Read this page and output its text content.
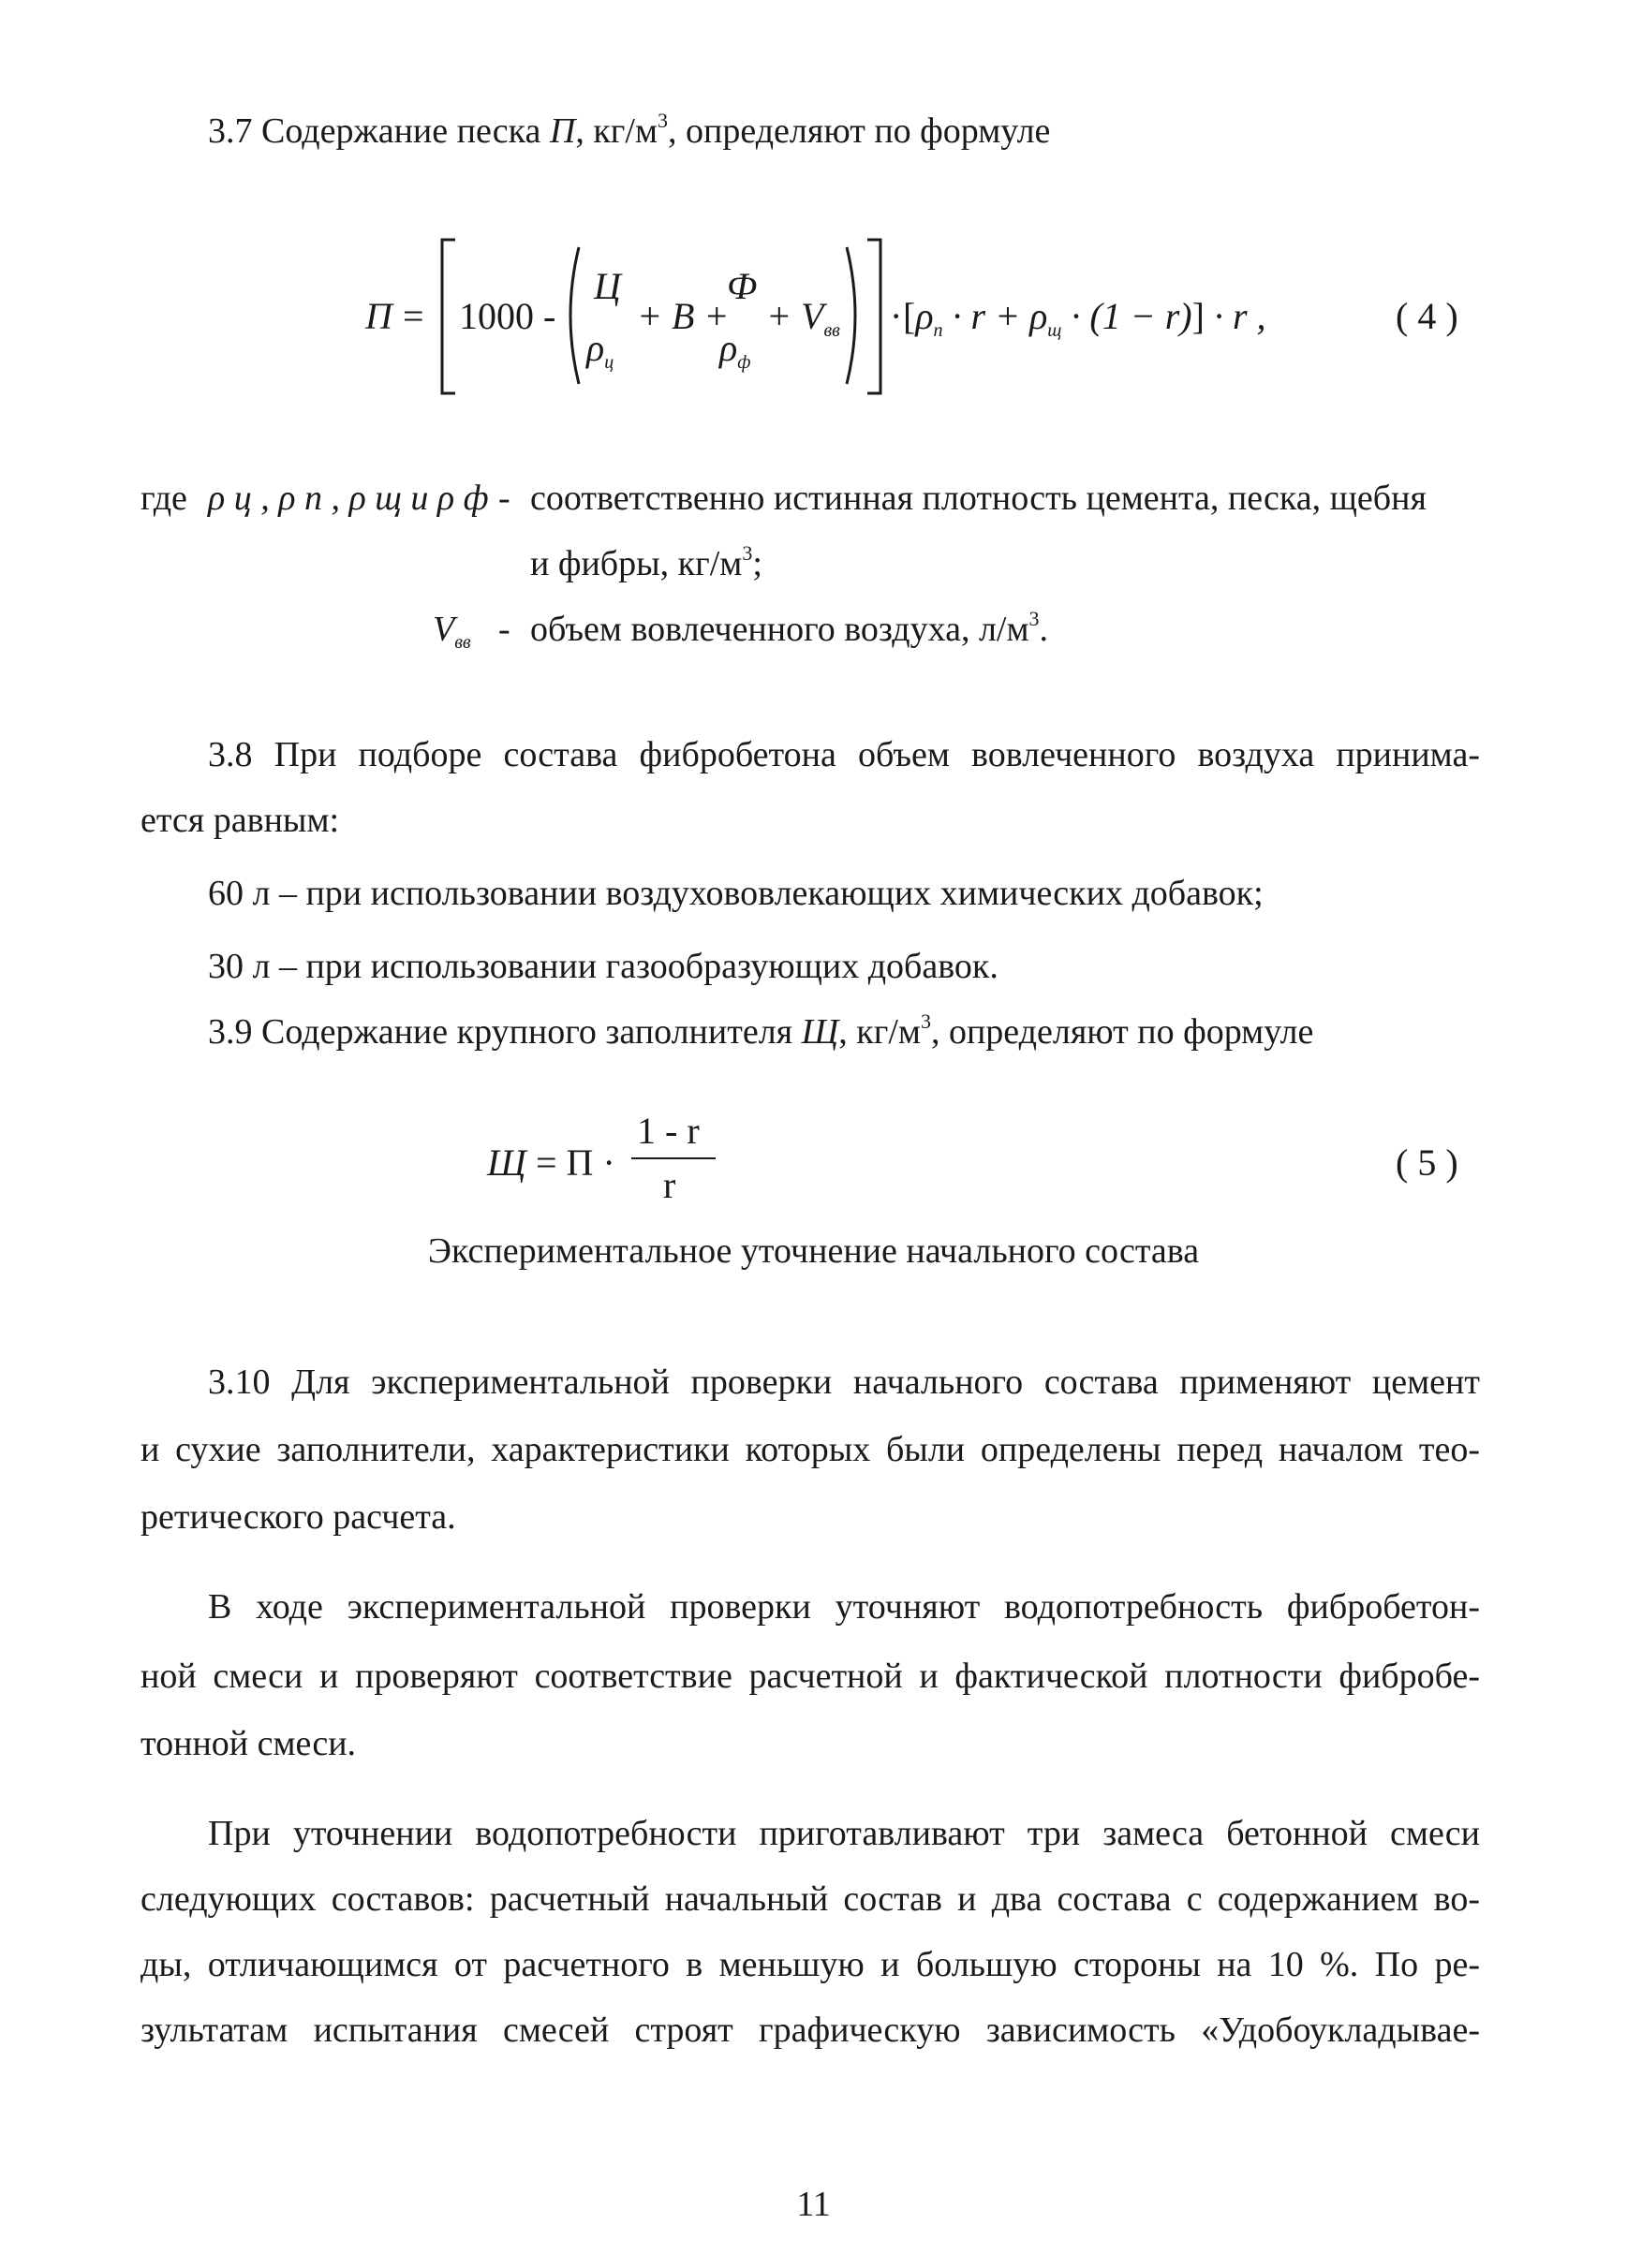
3.7 Содержание песка П, $кг/м^3$, определяют по формуле
П = 1000 -
Ц
$\rho_ц$
+ В +
Ф
$\rho_ф$
+ $V_{вв} \cdot [\rho_п \cdot r + \rho_щ \cdot (1 - r)] \cdot r$ ,	( 4 )
где ρ ц , ρ п , ρ щ и ρ ф - соответственно истинная плотность цемента, песка, щебня
и фибры, $кг/м^3$;
$V_{вв}$ - объем вовлеченного воздуха, $л/м^3$.
3.8 При подборе состава фибробетона объем вовлеченного воздуха принима-
ется равным:
60 л – при использовании воздухововлекающих химических добавок;
30 л – при использовании газообразующих добавок.
3.9 Содержание крупного заполнителя Щ, $кг/м^3$, определяют по формуле
Щ = П ·
1 - r
r
( 5 )
Экспериментальное уточнение начального состава
3.10 Для экспериментальной проверки начального состава применяют цемент
и сухие заполнители, характеристики которых были определены перед началом тео-
ретического расчета.
В ходе экспериментальной проверки уточняют водопотребность фибробетон-
ной смеси и проверяют соответствие расчетной и фактической плотности фибробе-
тонной смеси.
При уточнении водопотребности приготавливают три замеса бетонной смеси
следующих составов: расчетный начальный состав и два состава с содержанием во-
ды, отличающимся от расчетного в меньшую и большую стороны на 10 %. По ре-
зультатам испытания смесей строят графическую зависимость «Удобоукладывае-
11
